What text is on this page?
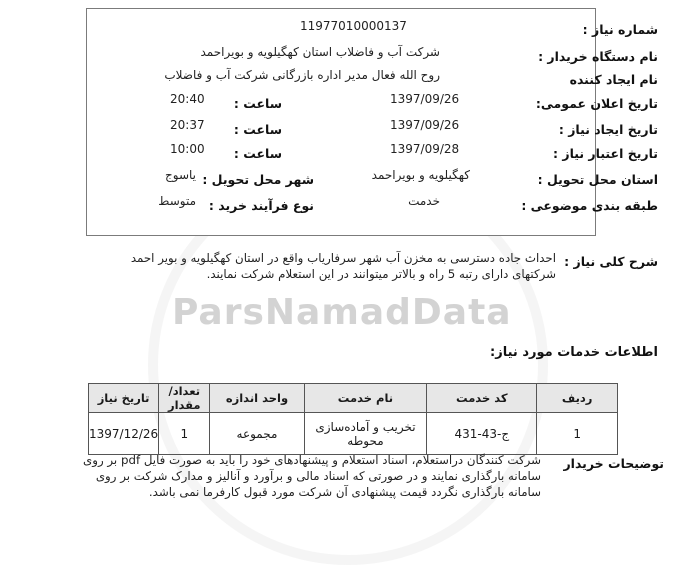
ParsNamadData
شماره نیاز :
11977010000137
نام دستگاه خریدار :
شرکت آب و فاضلاب استان کهگیلویه و بویراحمد
نام ایجاد کننده
روح الله فعال مدیر اداره بازرگانی شرکت آب و فاضلاب
تاریخ اعلان عمومی:
1397/09/26
ساعت :
20:40
تاریخ ایجاد نیاز :
1397/09/26
ساعت :
20:37
تاریخ اعتبار نیاز :
1397/09/28
ساعت :
10:00
استان محل تحویل :
کهگیلویه و بویراحمد
شهر محل تحویل :
یاسوج
طبقه بندی موضوعی :
خدمت
نوع فرآیند خرید :
متوسط
شرح کلی نیاز :
احداث جاده دسترسی به مخزن آب شهر سرفاریاب واقع در استان کهگیلویه و بویر احمد
شرکتهای دارای رتبه 5 راه و بالاتر میتوانند در این استعلام شرکت نمایند.
اطلاعات خدمات مورد نیاز:
ردیف	کد خدمت	نام خدمت	واحد اندازه	تعداد/ مقدار	تاریخ نیاز
1	ج-43-431	تخریب و آماده‌سازی محوطه	مجموعه	1	1397/12/26
توضیحات خریدار
شرکت کنندگان دراستعلام، اسناد استعلام و پیشنهادهای خود را باید به صورت فایل pdf بر روی
سامانه بارگذاری نمایند و در صورتی که اسناد مالی و برآورد و آنالیز و مدارک شرکت بر روی
سامانه بارگذاری نگردد قیمت پیشنهادی آن شرکت مورد قبول کارفرما نمی باشد.
